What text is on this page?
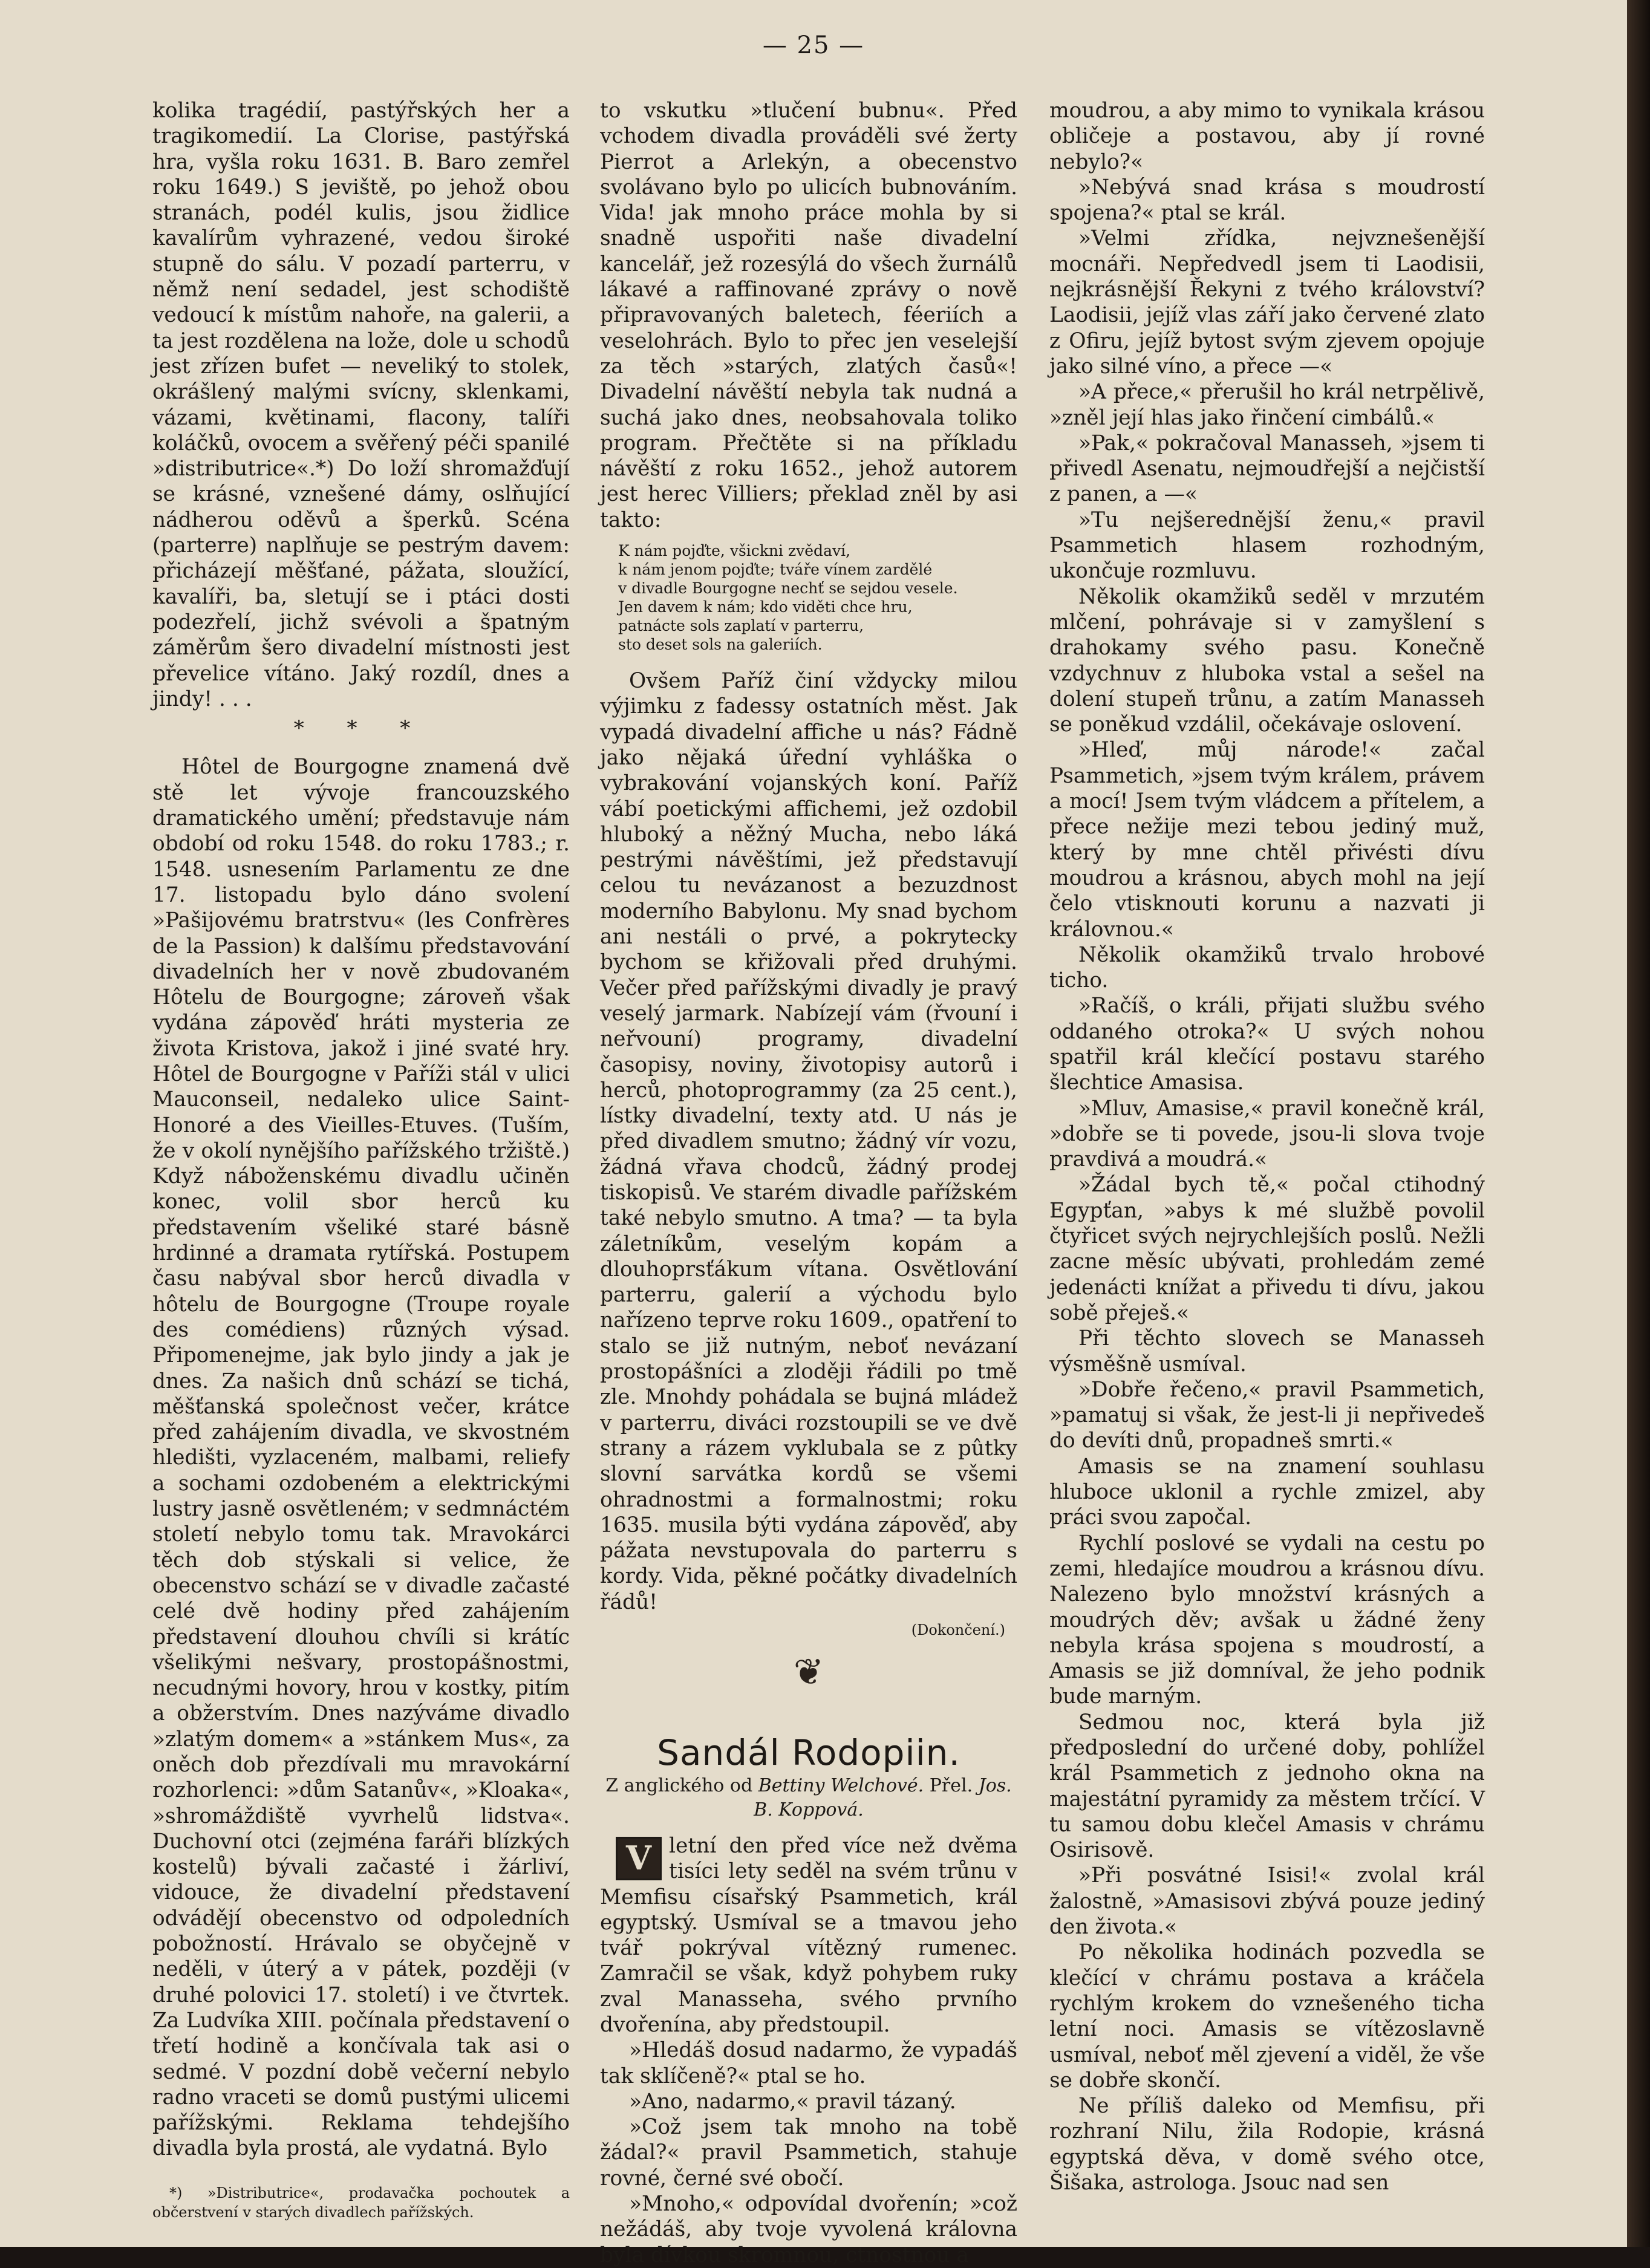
— 25 —

kolika tragédií, pastýřských her a tragikomedií. La Clorise, pastýřská hra, vyšla roku 1631. B. Baro zemřel roku 1649.) S jeviště, po jehož obou stranách, podél kulis, jsou židlice kavalírům vyhrazené, vedou široké stupně do sálu. V pozadí parterru, v němž není sedadel, jest schodiště vedoucí k místům nahoře, na galerii, a ta jest rozdělena na lože, dole u schodů jest zřízen bufet — neveliký to stolek, okrášlený malými svícny, sklenkami, vázami, květinami, flacony, talíři koláčků, ovocem a svěřený péči spanilé »distributrice«.*) Do loží shromažďují se krásné, vznešené dámy, oslňující nádherou oděvů a šperků. Scéna (parterre) naplňuje se pestrým davem: přicházejí měšťané, pážata, sloužící, kavalíři, ba, sletují se i ptáci dosti podezřelí, jichž svévoli a špatným záměrům šero divadelní místnosti jest převelice vítáno. Jaký rozdíl, dnes a jindy! . . .

* * *

Hôtel de Bourgogne znamená dvě stě let vývoje francouzského dramatického umění; představuje nám období od roku 1548. do roku 1783.; r. 1548. usnesením Parlamentu ze dne 17. listopadu bylo dáno svolení »Pašijovému bratrstvu« (les Confrères de la Passion) k dalšímu představování divadelních her v nově zbudovaném Hôtelu de Bourgogne; zároveň však vydána zápověď hráti mysteria ze života Kristova, jakož i jiné svaté hry. Hôtel de Bourgogne v Paříži stál v ulici Mauconseil, nedaleko ulice Saint-Honoré a des Vieilles-Etuves. (Tuším, že v okolí nynějšího pařížského tržiště.) Když náboženskému divadlu učiněn konec, volil sbor herců ku představením všeliké staré básně hrdinné a dramata rytířská. Postupem času nabýval sbor herců divadla v hôtelu de Bourgogne (Troupe royale des comédiens) různých výsad. Připomenejme, jak bylo jindy a jak je dnes. Za našich dnů schází se tichá, měšťanská společnost večer, krátce před zahájením divadla, ve skvostném hledišti, vyzlaceném, malbami, reliefy a sochami ozdobeném a elektrickými lustry jasně osvětleném; v sedmnáctém století nebylo tomu tak. Mravokárci těch dob stýskali si velice, že obecenstvo schází se v divadle začasté celé dvě hodiny před zahájením představení dlouhou chvíli si krátíc všelikými nešvary, prostopášnostmi, necudnými hovory, hrou v kostky, pitím a obžerstvím. Dnes nazýváme divadlo »zlatým domem« a »stánkem Mus«, za oněch dob přezdívali mu mravokární rozhorlenci: »dům Satanův«, »Kloaka«, »shromáždiště vyvrhelů lidstva«. Duchovní otci (zejména faráři blízkých kostelů) bývali začasté i žárliví, vidouce, že divadelní představení odvádějí obecenstvo od odpoledních pobožností. Hrávalo se obyčejně v neděli, v úterý a v pátek, později (v druhé polovici 17. století) i ve čtvrtek. Za Ludvíka XIII. počínala představení o třetí hodině a končívala tak asi o sedmé. V pozdní době večerní nebylo radno vraceti se domů pustými ulicemi pařížskými. Reklama tehdejšího divadla byla prostá, ale vydatná. Bylo

*) »Distributrice«, prodavačka pochoutek a občerstvení v starých divadlech pařížských.

to vskutku »tlučení bubnu«. Před vchodem divadla prováděli své žerty Pierrot a Arlekýn, a obecenstvo svolávano bylo po ulicích bubnováním. Vida! jak mnoho práce mohla by si snadně uspořiti naše divadelní kancelář, jež rozesýlá do všech žurnálů lákavé a raffinované zprávy o nově připravovaných baletech, féeriích a veselohrách. Bylo to přec jen veselejší za těch »starých, zlatých časů«! Divadelní návěští nebyla tak nudná a suchá jako dnes, neobsahovala toliko program. Přečtěte si na příkladu návěští z roku 1652., jehož autorem jest herec Villiers; překlad zněl by asi takto:

K nám pojďte, všickni zvědaví,
k nám jenom pojďte; tváře vínem zardělé
v divadle Bourgogne nechť se sejdou vesele.
Jen davem k nám; kdo viděti chce hru,
patnácte sols zaplatí v parterru,
sto deset sols na galeriích.

Ovšem Paříž činí vždycky milou výjimku z fadessy ostatních měst. Jak vypadá divadelní affiche u nás? Fádně jako nějaká úřední vyhláška o vybrakování vojanských koní. Paříž vábí poetickými affichemi, jež ozdobil hluboký a něžný Mucha, nebo láká pestrými návěštími, jež představují celou tu nevázanost a bezuzdnost moderního Babylonu. My snad bychom ani nestáli o prvé, a pokrytecky bychom se křižovali před druhými. Večer před pařížskými divadly je pravý veselý jarmark. Nabízejí vám (řvouní i neřvouní) programy, divadelní časopisy, noviny, životopisy autorů i herců, photoprogrammy (za 25 cent.), lístky divadelní, texty atd. U nás je před divadlem smutno; žádný vír vozu, žádná vřava chodců, žádný prodej tiskopisů. Ve starém divadle pařížském také nebylo smutno. A tma? — ta byla záletníkům, veselým kopám a dlouhoprsťákum vítana. Osvětlování parterru, galerií a východu bylo nařízeno teprve roku 1609., opatření to stalo se již nutným, neboť nevázaní prostopášníci a zloději řádili po tmě zle. Mnohdy pohádala se bujná mládež v parterru, diváci rozstoupili se ve dvě strany a rázem vyklubala se z pûtky slovní sarvátka kordů se všemi ohradnostmi a formalnostmi; roku 1635. musila býti vydána zápověď, aby pážata nevstupovala do parterru s kordy. Vida, pěkné počátky divadelních řádů!

(Dokončení.)
❦
Sandál Rodopiin.
Z anglického od Bettiny Welchové. Přel. Jos. B. Koppová.

V letní den před více než dvěma tisíci lety seděl na svém trůnu v Memfisu císařský Psammetich, král egyptský. Usmíval se a tmavou jeho tvář pokrýval vítězný rumenec. Zamračil se však, když pohybem ruky zval Manasseha, svého prvního dvořenína, aby předstoupil.

»Hledáš dosud nadarmo, že vypadáš tak sklíčeně?« ptal se ho.

»Ano, nadarmo,« pravil tázaný.

»Což jsem tak mnoho na tobě žádal?« pravil Psammetich, stahuje rovné, černé své obočí.

»Mnoho,« odpovídal dvořenín; »což nežádáš, aby tvoje vyvolená královna byla dívkou skromnou, ctnostnou a

moudrou, a aby mimo to vynikala krásou obličeje a postavou, aby jí rovné nebylo?«

»Nebývá snad krása s moudrostí spojena?« ptal se král.

»Velmi zřídka, nejvznešenější mocnáři. Nepředvedl jsem ti Laodisii, nejkrásnější Řekyni z tvého království? Laodisii, jejíž vlas září jako červené zlato z Ofiru, jejíž bytost svým zjevem opojuje jako silné víno, a přece —«

»A přece,« přerušil ho král netrpělivě, »zněl její hlas jako řinčení cimbálů.«

»Pak,« pokračoval Manasseh, »jsem ti přivedl Asenatu, nejmoudřejší a nejčistší z panen, a —«

»Tu nejšerednější ženu,« pravil Psammetich hlasem rozhodným, ukončuje rozmluvu.

Několik okamžiků seděl v mrzutém mlčení, pohrávaje si v zamyšlení s drahokamy svého pasu. Konečně vzdychnuv z hluboka vstal a sešel na dolení stupeň trůnu, a zatím Manasseh se poněkud vzdálil, očekávaje oslovení.

»Hleď, můj národe!« začal Psammetich, »jsem tvým králem, právem a mocí! Jsem tvým vládcem a přítelem, a přece nežije mezi tebou jediný muž, který by mne chtěl přivésti dívu moudrou a krásnou, abych mohl na její čelo vtisknouti korunu a nazvati ji královnou.«

Několik okamžiků trvalo hrobové ticho.

»Račíš, o králi, přijati službu svého oddaného otroka?« U svých nohou spatřil král klečící postavu starého šlechtice Amasisa.

»Mluv, Amasise,« pravil konečně král, »dobře se ti povede, jsou-li slova tvoje pravdivá a moudrá.«

»Žádal bych tě,« počal ctihodný Egypťan, »abys k mé službě povolil čtyřicet svých nejrychlejších poslů. Nežli zacne měsíc ubývati, prohledám zemé jedenácti knížat a přivedu ti dívu, jakou sobě přeješ.«

Při těchto slovech se Manasseh výsměšně usmíval.

»Dobře řečeno,« pravil Psammetich, »pamatuj si však, že jest-li ji nepřivedeš do devíti dnů, propadneš smrti.«

Amasis se na znamení souhlasu hluboce uklonil a rychle zmizel, aby práci svou započal.

Rychlí poslové se vydali na cestu po zemi, hledajíce moudrou a krásnou dívu. Nalezeno bylo množství krásných a moudrých děv; avšak u žádné ženy nebyla krása spojena s moudrostí, a Amasis se již domníval, že jeho podnik bude marným.

Sedmou noc, která byla již předposlední do určené doby, pohlížel král Psammetich z jednoho okna na majestátní pyramidy za městem trčící. V tu samou dobu klečel Amasis v chrámu Osirisově.

»Při posvátné Isisi!« zvolal král žalostně, »Amasisovi zbývá pouze jediný den života.«

Po několika hodinách pozvedla se klečící v chrámu postava a kráčela rychlým krokem do vznešeného ticha letní noci. Amasis se vítězoslavně usmíval, neboť měl zjevení a viděl, že vše se dobře skončí.

Ne příliš daleko od Memfisu, při rozhraní Nilu, žila Rodopie, krásná egyptská děva, v domě svého otce, Šišaka, astrologa. Jsouc nad sen
